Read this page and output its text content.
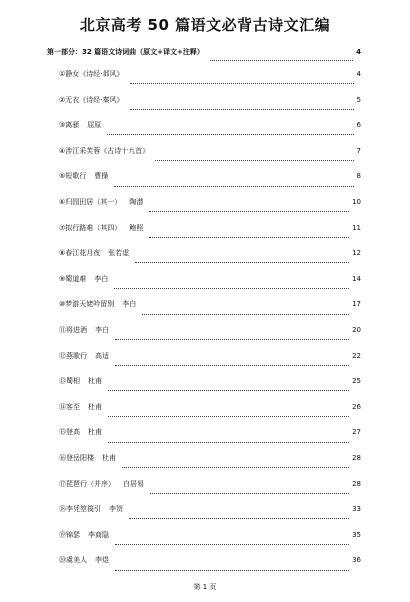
北京高考 50 篇语文必背古诗文汇编
第一部分：32 篇语文诗词曲（原文+译文+注释）	4
①静女《诗经·邶风》	4
②无衣《诗经·秦风》	5
③离骚 屈原	6
④涉江采芙蓉《古诗十九首》	7
⑤短歌行 曹操	8
⑥归园田居（其一） 陶潜	10
⑦拟行路难（其四） 鲍照	11
⑧春江花月夜 张若虚	12
⑨蜀道难 李白	14
⑩梦游天姥吟留别 李白	17
⑪将进酒 李白	20
⑫燕歌行 高适	22
⑬蜀相 杜甫	25
⑭客至 杜甫	26
⑮登高 杜甫	27
⑯登岳阳楼 杜甫	28
⑰琵琶行（并序） 白居易	28
⑱李凭箜篌引 李贺	33
⑲锦瑟 李商隐	35
⑳虞美人 李煜	36
第 1 页
